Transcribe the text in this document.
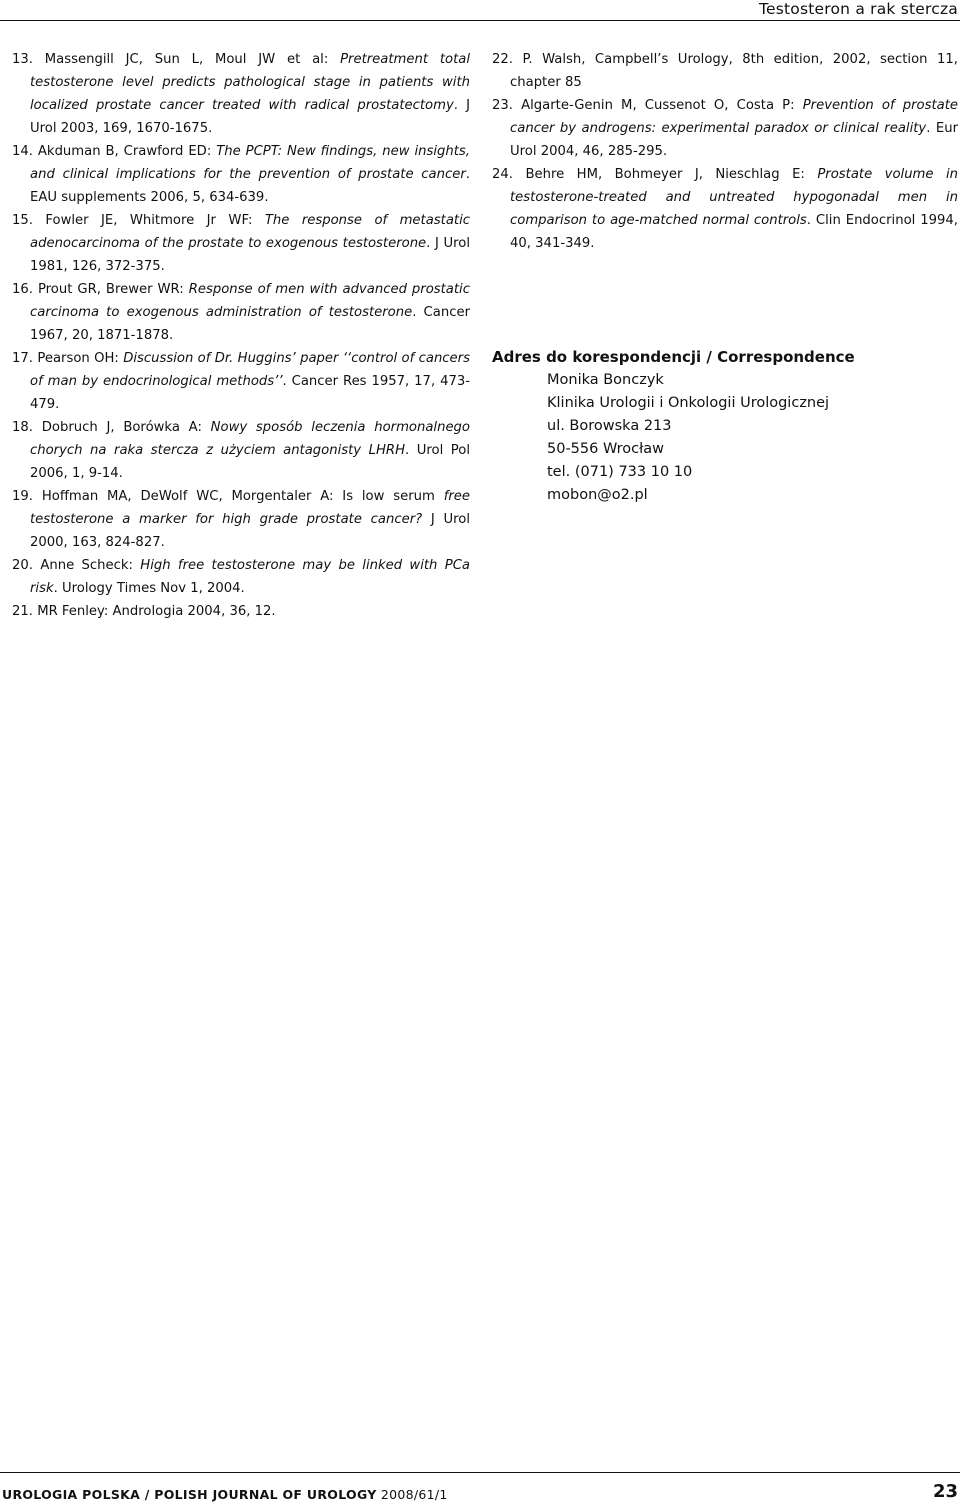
Testosteron a rak stercza

13. Massengill JC, Sun L, Moul JW et al: Pretreatment total testosterone level predicts pathological stage in patients with localized prostate cancer treated with radical prostatectomy. J Urol 2003, 169, 1670-1675.

14. Akduman B, Crawford ED: The PCPT: New findings, new insights, and clinical implications for the prevention of prostate cancer. EAU supplements 2006, 5, 634-639.

15. Fowler JE, Whitmore Jr WF: The response of metastatic adenocarcinoma of the prostate to exogenous testosterone. J Urol 1981, 126, 372-375.

16. Prout GR, Brewer WR: Response of men with advanced prostatic carcinoma to exogenous administration of testosterone. Cancer 1967, 20, 1871-1878.

17. Pearson OH: Discussion of Dr. Huggins’ paper ‘‘control of cancers of man by endocrinological methods’’. Cancer Res 1957, 17, 473-479.

18. Dobruch J, Borówka A: Nowy sposób leczenia hormonalnego chorych na raka stercza z użyciem antagonisty LHRH. Urol Pol 2006, 1, 9-14.

19. Hoffman MA, DeWolf WC, Morgentaler A: Is low serum free testosterone a marker for high grade prostate cancer? J Urol 2000, 163, 824-827.

20. Anne Scheck: High free testosterone may be linked with PCa risk. Urology Times Nov 1, 2004.

21. MR Fenley: Andrologia 2004, 36, 12.

22. P. Walsh, Campbell’s Urology, 8th edition, 2002, section 11, chapter 85

23. Algarte-Genin M, Cussenot O, Costa P: Prevention of prostate cancer by androgens: experimental paradox or clinical reality. Eur Urol 2004, 46, 285-295.

24. Behre HM, Bohmeyer J, Nieschlag E: Prostate volume in testosterone-treated and untreated hypogonadal men in comparison to age-matched normal controls. Clin Endocrinol 1994, 40, 341-349.

Adres do korespondencji / Correspondence
Monika Bonczyk
Klinika Urologii i Onkologii Urologicznej
ul. Borowska 213
50-556 Wrocław
tel. (071) 733 10 10
mobon@o2.pl
UROLOGIA POLSKA / POLISH JOURNAL OF UROLOGY 2008/61/1	23
